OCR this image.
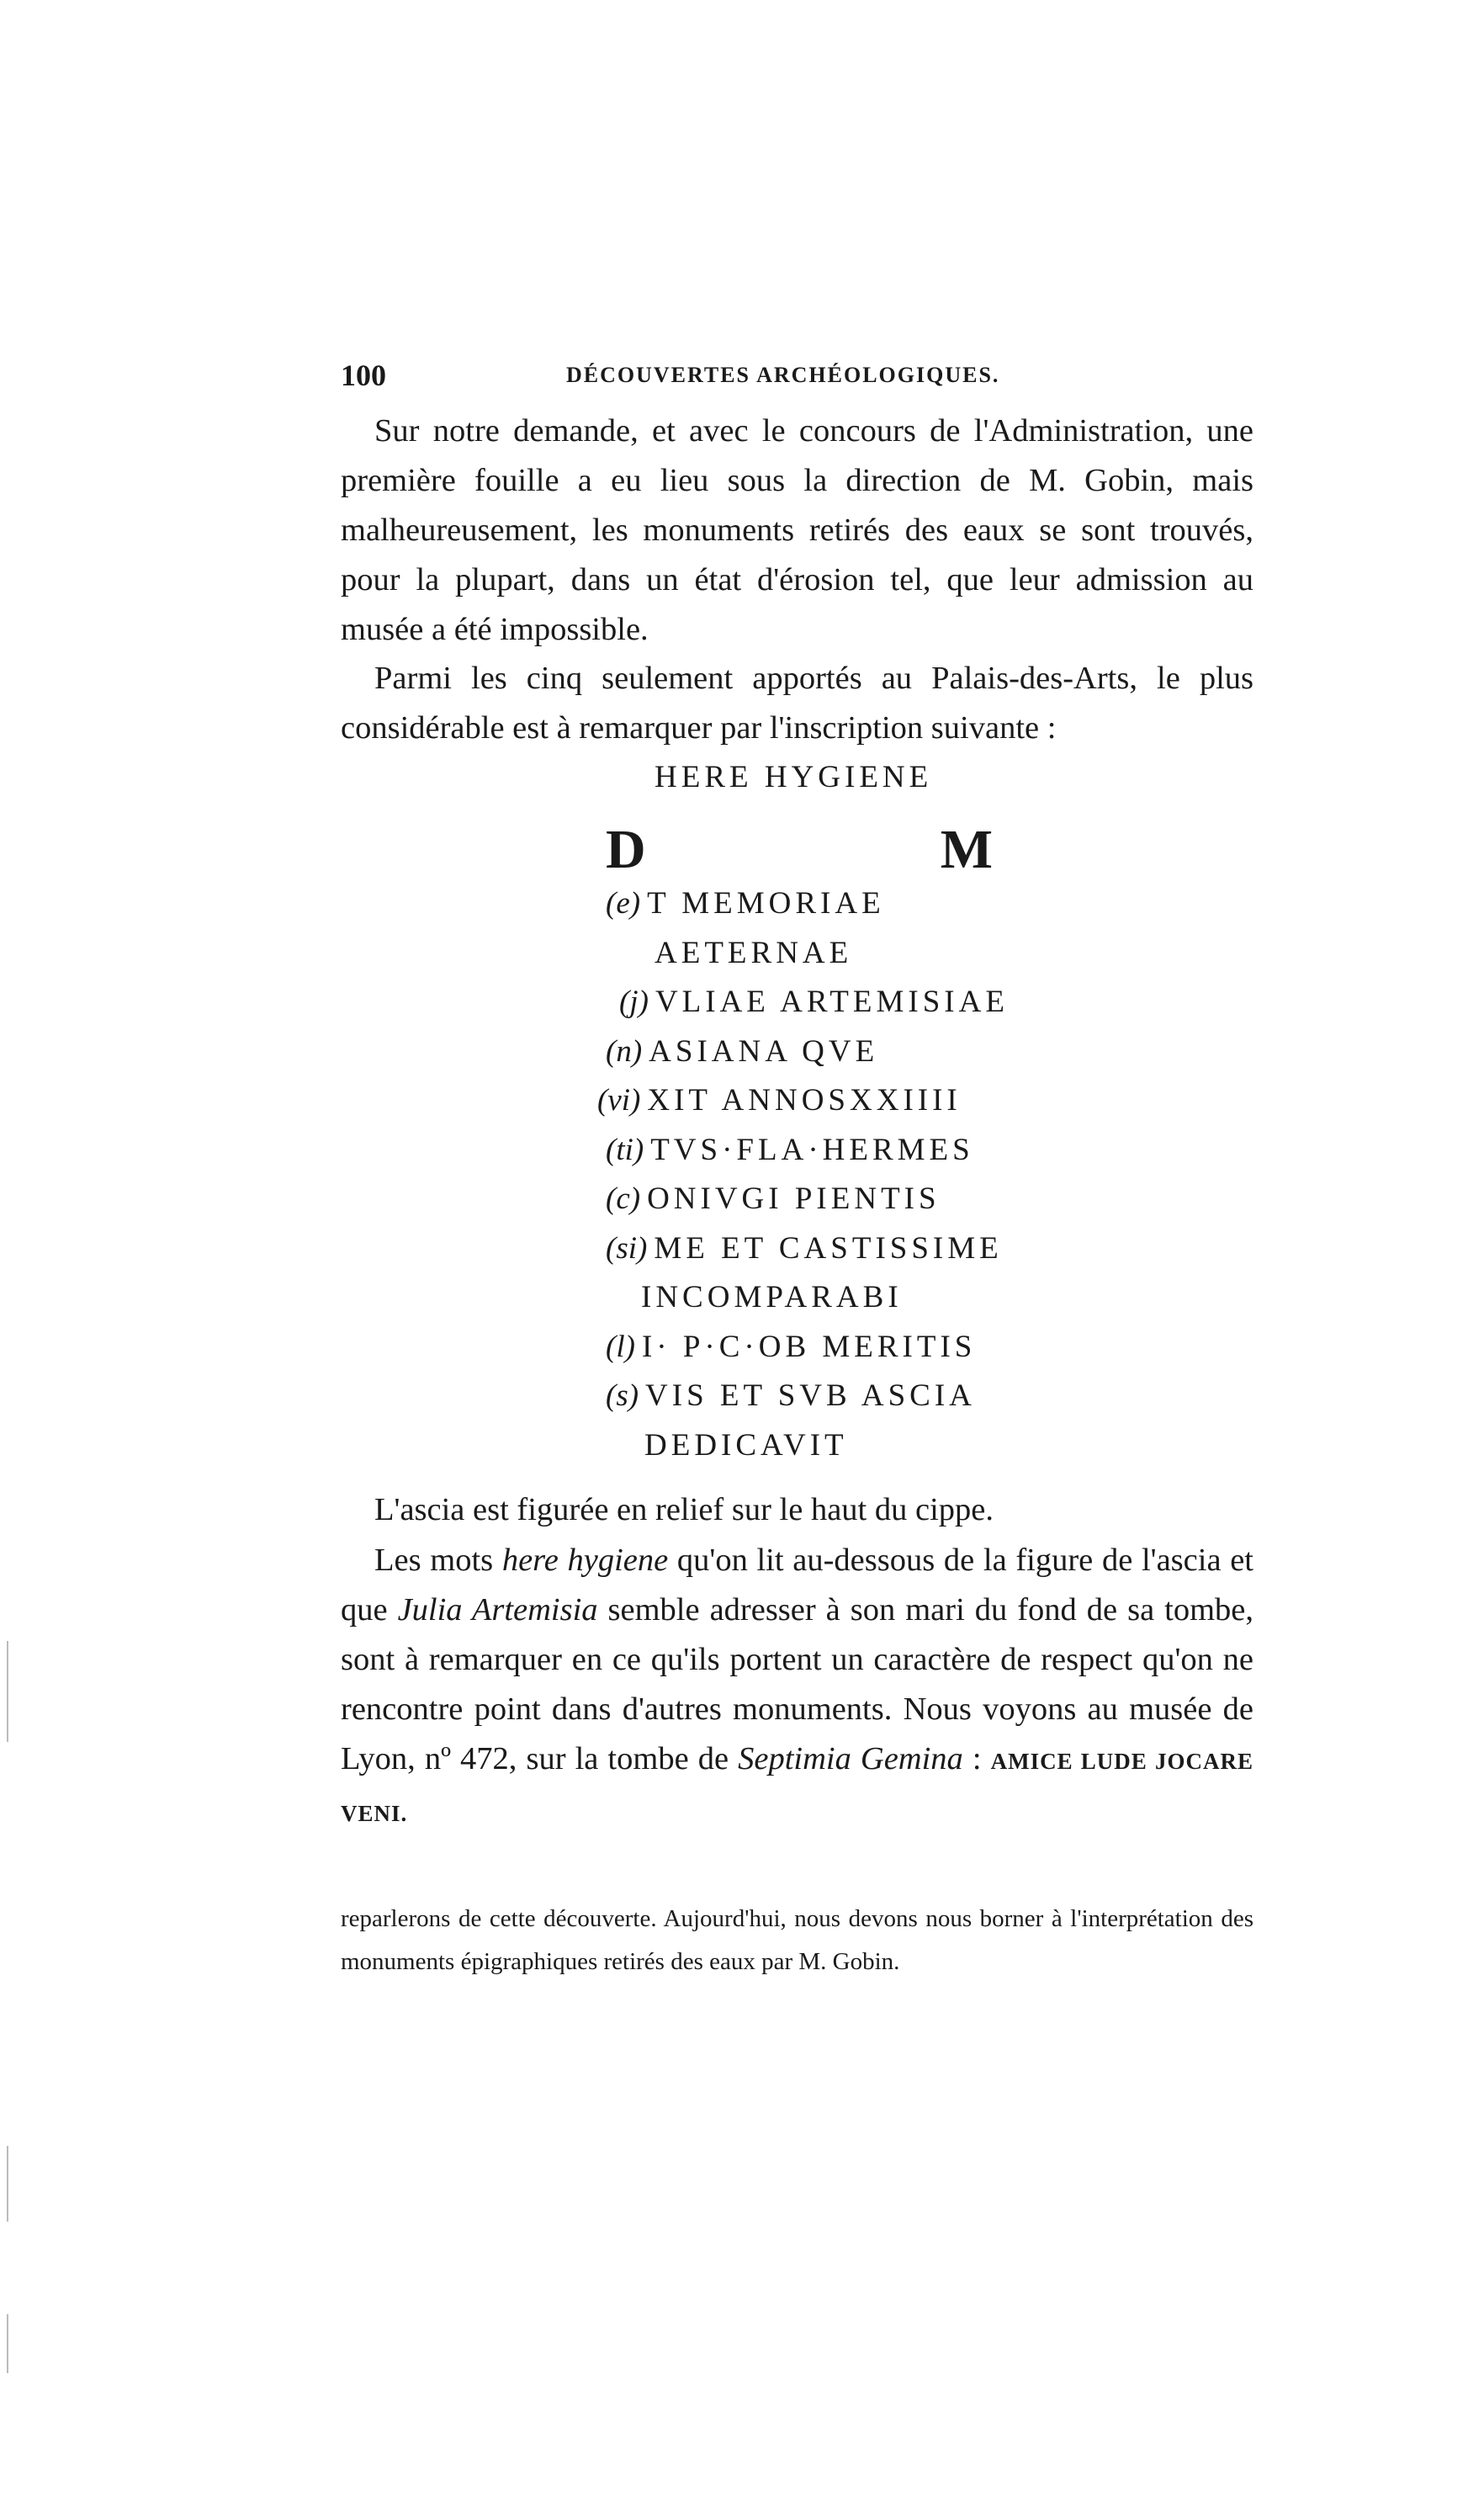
100	DÉCOUVERTES ARCHÉOLOGIQUES.
Sur notre demande, et avec le concours de l'Administration, une première fouille a eu lieu sous la direction de M. Gobin, mais malheureusement, les monuments retirés des eaux se sont trouvés, pour la plupart, dans un état d'érosion tel, que leur admission au musée a été impossible.
Parmi les cinq seulement apportés au Palais-des-Arts, le plus considérable est à remarquer par l'inscription suivante :
HERE HYGIENE
D	M
(e) T MEMORIAE
AETERNAE
(j) VLIAE ARTEMISIAE
(n) ASIANA QVE
(vi) XIT ANNOSXXIIII
(ti) TVS·FLA·HERMES
(c) ONIVGI PIENTIS
(si) ME ET CASTISSIME
INCOMPARABI
(l) I· P·C·OB MERITIS
(s) VIS ET SVB ASCIA
DEDICAVIT
L'ascia est figurée en relief sur le haut du cippe.
Les mots here hygiene qu'on lit au-dessous de la figure de l'ascia et que Julia Artemisia semble adresser à son mari du fond de sa tombe, sont à remarquer en ce qu'ils portent un caractère de respect qu'on ne rencontre point dans d'autres monuments. Nous voyons au musée de Lyon, nº 472, sur la tombe de Septimia Gemina : AMICE LUDE JOCARE VENI.
reparlerons de cette découverte. Aujourd'hui, nous devons nous borner à l'interprétation des monuments épigraphiques retirés des eaux par M. Gobin.
